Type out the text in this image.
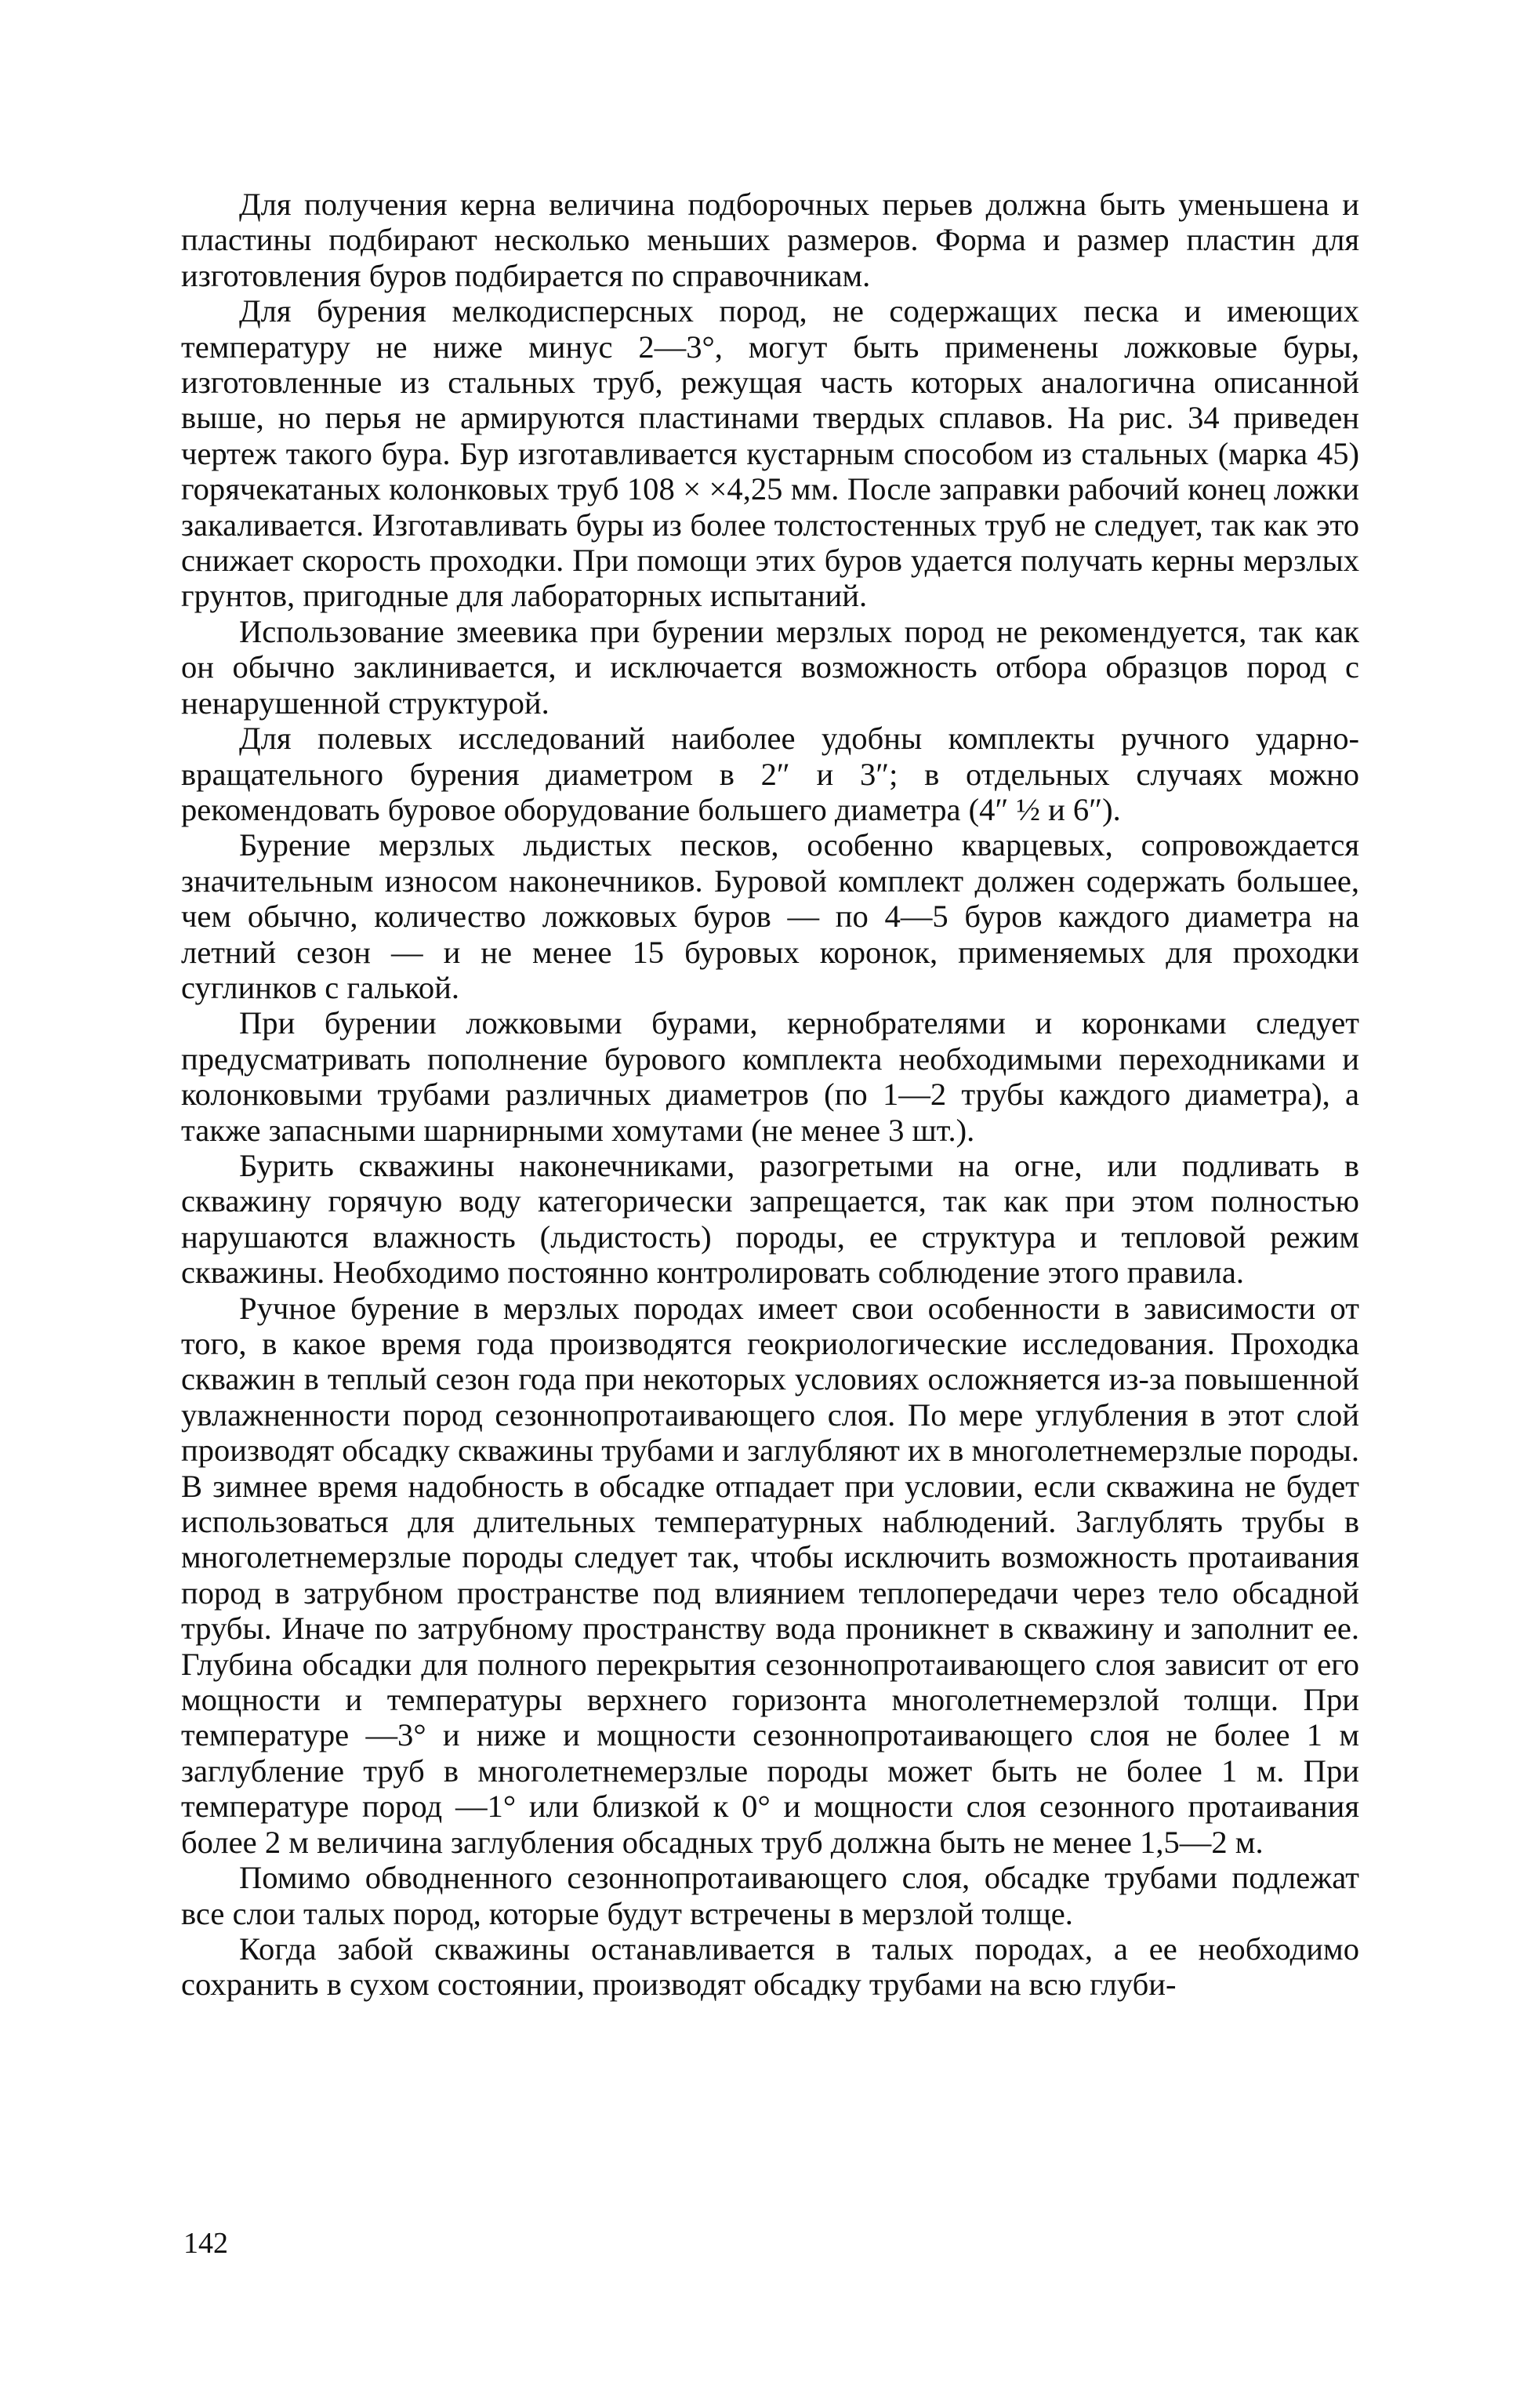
Для получения керна величина подборочных перьев должна быть уменьшена и пластины подбирают несколько меньших размеров. Форма и размер пластин для изготовления буров подбирается по справочникам.

Для бурения мелкодисперсных пород, не содержащих песка и имеющих температуру не ниже минус 2—3°, могут быть применены ложковые буры, изготовленные из стальных труб, режущая часть которых аналогична описанной выше, но перья не армируются пластинами твердых сплавов. На рис. 34 приведен чертеж такого бура. Бур изготавливается кустарным способом из стальных (марка 45) горячекатаных колонковых труб 108 × ×4,25 мм. После заправки рабочий конец ложки закаливается. Изготавливать буры из более толстостенных труб не следует, так как это снижает скорость проходки. При помощи этих буров удается получать керны мерзлых грунтов, пригодные для лабораторных испытаний.

Использование змеевика при бурении мерзлых пород не рекомендуется, так как он обычно заклинивается, и исключается возможность отбора образцов пород с ненарушенной структурой.

Для полевых исследований наиболее удобны комплекты ручного ударно-вращательного бурения диаметром в 2″ и 3″; в отдельных случаях можно рекомендовать буровое оборудование большего диаметра (4″ ½ и 6″).

Бурение мерзлых льдистых песков, особенно кварцевых, сопровождается значительным износом наконечников. Буровой комплект должен содержать большее, чем обычно, количество ложковых буров — по 4—5 буров каждого диаметра на летний сезон — и не менее 15 буровых коронок, применяемых для проходки суглинков с галькой.

При бурении ложковыми бурами, кернобрателями и коронками следует предусматривать пополнение бурового комплекта необходимыми переходниками и колонковыми трубами различных диаметров (по 1—2 трубы каждого диаметра), а также запасными шарнирными хомутами (не менее 3 шт.).

Бурить скважины наконечниками, разогретыми на огне, или подливать в скважину горячую воду категорически запрещается, так как при этом полностью нарушаются влажность (льдистость) породы, ее структура и тепловой режим скважины. Необходимо постоянно контролировать соблюдение этого правила.

Ручное бурение в мерзлых породах имеет свои особенности в зависимости от того, в какое время года производятся геокриологические исследования. Проходка скважин в теплый сезон года при некоторых условиях осложняется из-за повышенной увлажненности пород сезоннопротаивающего слоя. По мере углубления в этот слой производят обсадку скважины трубами и заглубляют их в многолетнемерзлые породы. В зимнее время надобность в обсадке отпадает при условии, если скважина не будет использоваться для длительных температурных наблюдений. Заглублять трубы в многолетнемерзлые породы следует так, чтобы исключить возможность протаивания пород в затрубном пространстве под влиянием теплопередачи через тело обсадной трубы. Иначе по затрубному пространству вода проникнет в скважину и заполнит ее. Глубина обсадки для полного перекрытия сезоннопротаивающего слоя зависит от его мощности и температуры верхнего горизонта многолетнемерзлой толщи. При температуре —3° и ниже и мощности сезоннопротаивающего слоя не более 1 м заглубление труб в многолетнемерзлые породы может быть не более 1 м. При температуре пород —1° или близкой к 0° и мощности слоя сезонного протаивания более 2 м величина заглубления обсадных труб должна быть не менее 1,5—2 м.

Помимо обводненного сезоннопротаивающего слоя, обсадке трубами подлежат все слои талых пород, которые будут встречены в мерзлой толще.

Когда забой скважины останавливается в талых породах, а ее необходимо сохранить в сухом состоянии, производят обсадку трубами на всю глуби-

142
